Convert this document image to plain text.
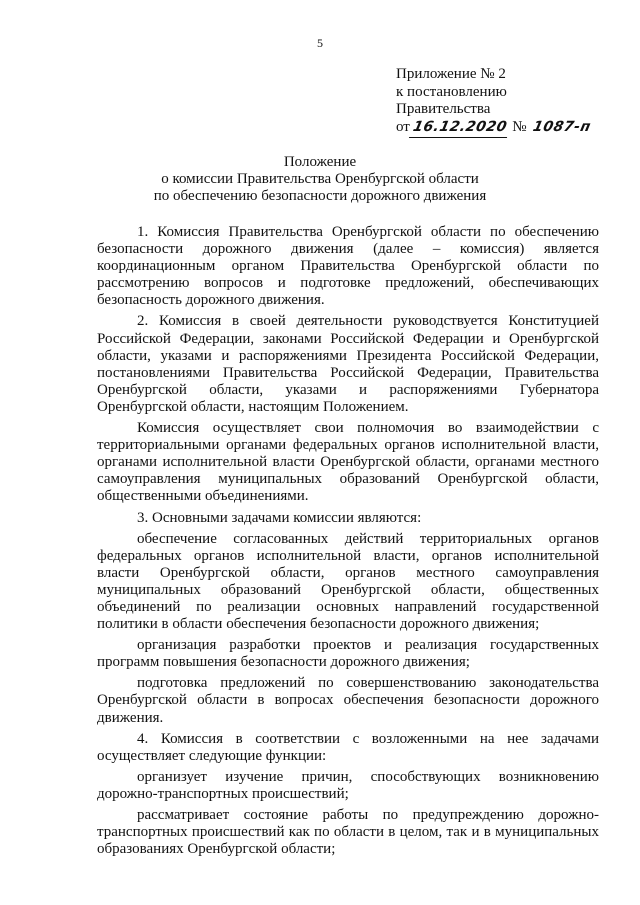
5
Приложение № 2
к постановлению
Правительства
от 16.12.2020 № 1087-п
Положение
о комиссии Правительства Оренбургской области
по обеспечению безопасности дорожного движения

1. Комиссия Правительства Оренбургской области по обеспечению безопасности дорожного движения (далее – комиссия) является координационным органом Правительства Оренбургской области по рассмотрению вопросов и подготовке предложений, обеспечивающих безопасность дорожного движения.

2. Комиссия в своей деятельности руководствуется Конституцией Российской Федерации, законами Российской Федерации и Оренбургской области, указами и распоряжениями Президента Российской Федерации, постановлениями Правительства Российской Федерации, Правительства Оренбургской области, указами и распоряжениями Губернатора Оренбургской области, настоящим Положением.

Комиссия осуществляет свои полномочия во взаимодействии с территориальными органами федеральных органов исполнительной власти, органами исполнительной власти Оренбургской области, органами местного самоуправления муниципальных образований Оренбургской области, общественными объединениями.

3. Основными задачами комиссии являются:

обеспечение согласованных действий территориальных органов федеральных органов исполнительной власти, органов исполнительной власти Оренбургской области, органов местного самоуправления муниципальных образований Оренбургской области, общественных объединений по реализации основных направлений государственной политики в области обеспечения безопасности дорожного движения;

организация разработки проектов и реализация государственных программ повышения безопасности дорожного движения;

подготовка предложений по совершенствованию законодательства Оренбургской области в вопросах обеспечения безопасности дорожного движения.

4. Комиссия в соответствии с возложенными на нее задачами осуществляет следующие функции:

организует изучение причин, способствующих возникновению дорожно-транспортных происшествий;

рассматривает состояние работы по предупреждению дорожно-транспортных происшествий как по области в целом, так и в муниципальных образованиях Оренбургской области;
